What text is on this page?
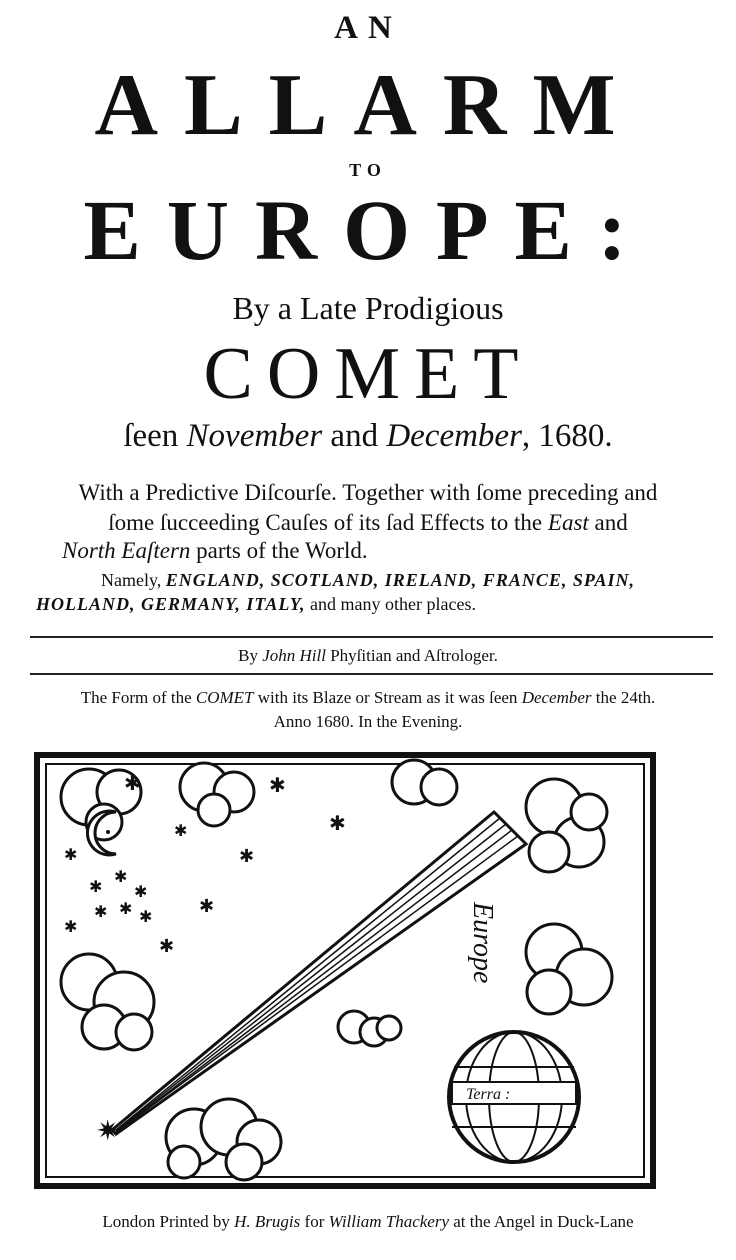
AN
ALLARM
TO
EUROPE:
By a Late Prodigious
COMET
ſeen November and December, 1680.
With a Predictive Diſcourſe. Together with ſome preceding and
ſome ſucceeding Cauſes of its ſad Effects to the East and
North Eaſtern parts of the World.
Namely, ENGLAND, SCOTLAND, IRELAND, FRANCE, SPAIN,
HOLLAND, GERMANY, ITALY, and many other places.
By John Hill Phyſitian and Aſtrologer.
The Form of the COMET with its Blaze or Stream as it was ſeen December the 24th.
Anno 1680. In the Evening.
✱	✱
✱
✱
✱	✱
✱
✱
✱
✱ ✱ ✱
✱
✱
✱
✷
Europe
Terra :
London Printed by H. Brugis for William Thackery at the Angel in Duck-Lane
